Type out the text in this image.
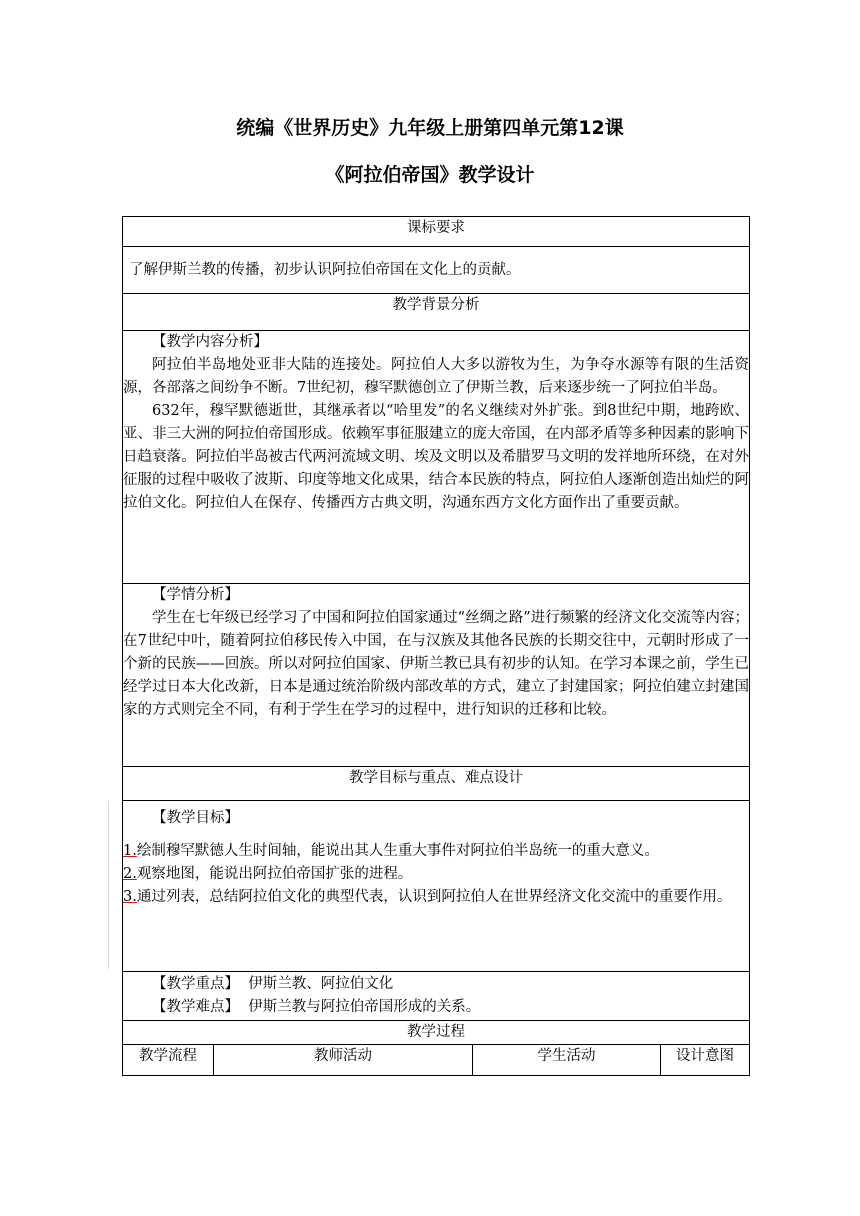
统编《世界历史》九年级上册第四单元第12课
《阿拉伯帝国》教学设计
课标要求
了解伊斯兰教的传播，初步认识阿拉伯帝国在文化上的贡献。
教学背景分析

【教学内容分析】

阿拉伯半岛地处亚非大陆的连接处。阿拉伯人大多以游牧为生，为争夺水源等有限的生活资源，各部落之间纷争不断。7世纪初，穆罕默德创立了伊斯兰教，后来逐步统一了阿拉伯半岛。

632年，穆罕默德逝世，其继承者以“哈里发”的名义继续对外扩张。到8世纪中期，地跨欧、亚、非三大洲的阿拉伯帝国形成。依赖军事征服建立的庞大帝国，在内部矛盾等多种因素的影响下日趋衰落。阿拉伯半岛被古代两河流域文明、埃及文明以及希腊罗马文明的发祥地所环绕，在对外征服的过程中吸收了波斯、印度等地文化成果，结合本民族的特点，阿拉伯人逐渐创造出灿烂的阿拉伯文化。阿拉伯人在保存、传播西方古典文明，沟通东西方文化方面作出了重要贡献。

【学情分析】

学生在七年级已经学习了中国和阿拉伯国家通过“丝绸之路”进行频繁的经济文化交流等内容；在7世纪中叶，随着阿拉伯移民传入中国，在与汉族及其他各民族的长期交往中，元朝时形成了一个新的民族——回族。所以对阿拉伯国家、伊斯兰教已具有初步的认知。在学习本课之前，学生已经学过日本大化改新，日本是通过统治阶级内部改革的方式，建立了封建国家；阿拉伯建立封建国家的方式则完全不同，有利于学生在学习的过程中，进行知识的迁移和比较。

教学目标与重点、难点设计

【教学目标】

1.绘制穆罕默德人生时间轴，能说出其人生重大事件对阿拉伯半岛统一的重大意义。

2.观察地图，能说出阿拉伯帝国扩张的进程。

3.通过列表，总结阿拉伯文化的典型代表，认识到阿拉伯人在世界经济文化交流中的重要作用。

【教学重点】 伊斯兰教、阿拉伯文化

【教学难点】 伊斯兰教与阿拉伯帝国形成的关系。

教学过程
教学流程	教师活动	学生活动	设计意图
